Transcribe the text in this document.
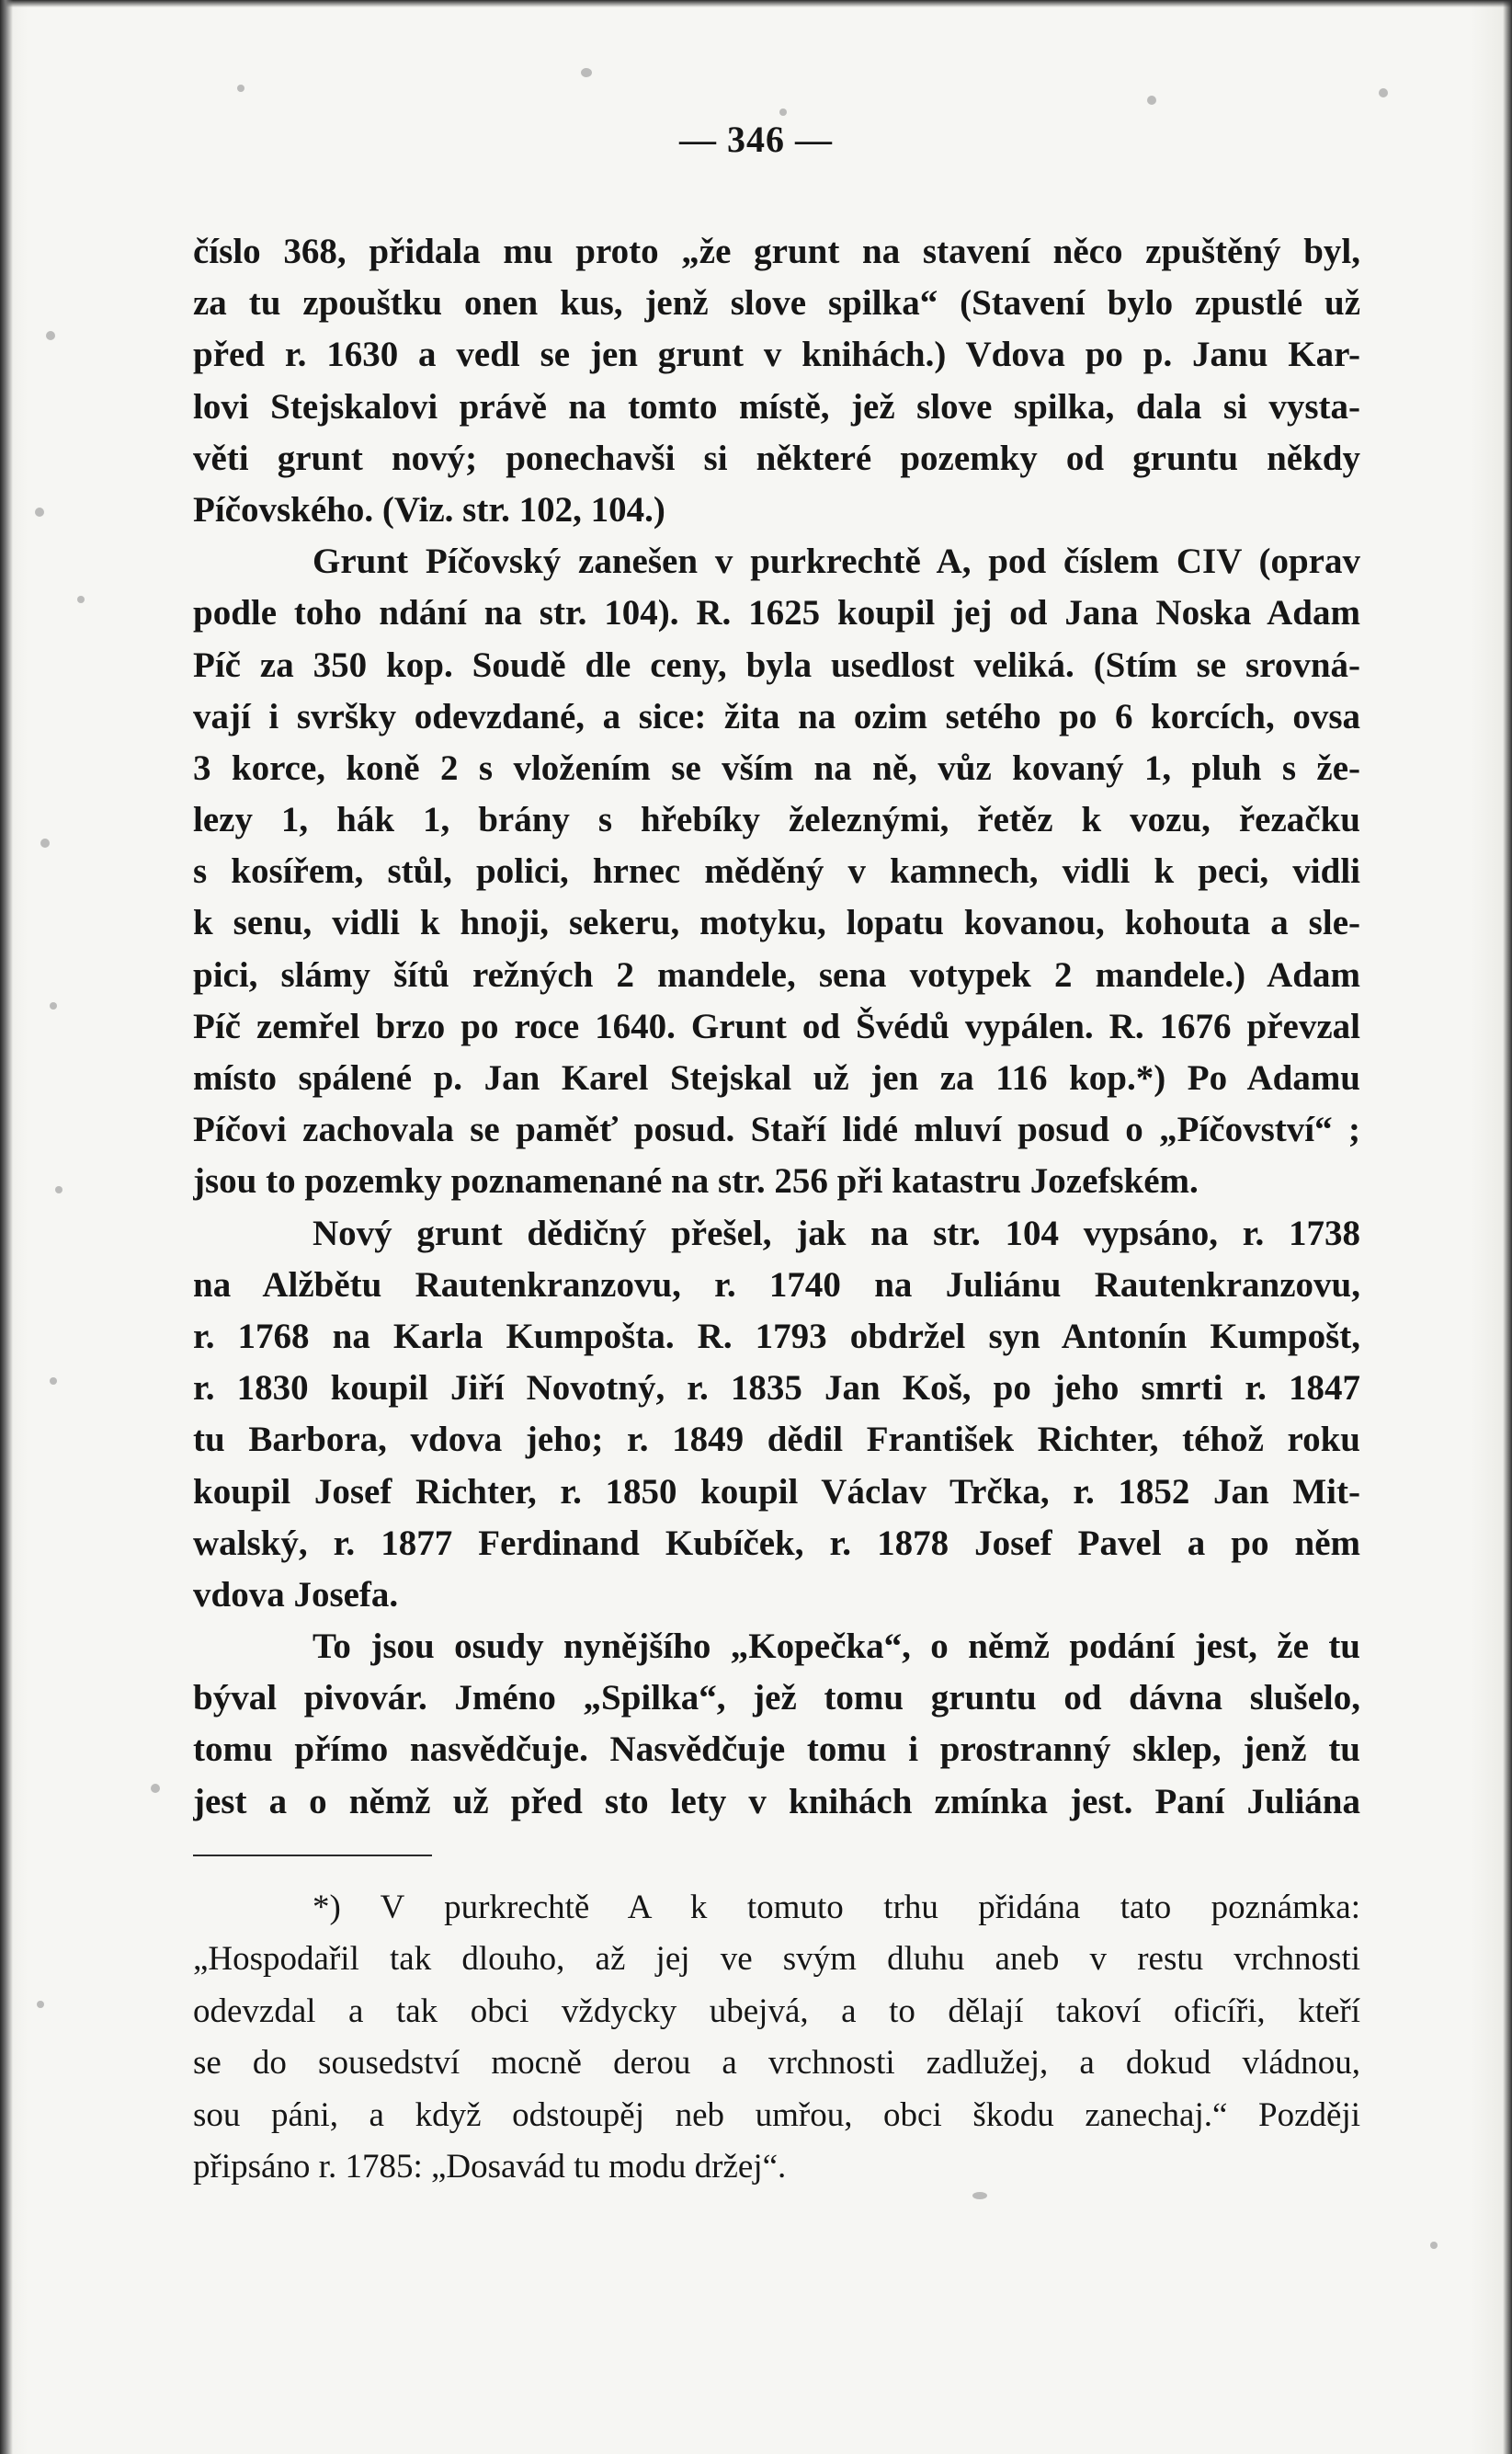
— 346 —
číslo 368, přidala mu proto „že grunt na stavení něco zpuštěný byl,
za tu zpouštku onen kus, jenž slove spilka“ (Stavení bylo zpustlé už
před r. 1630 a vedl se jen grunt v knihách.) Vdova po p. Janu Kar-
lovi Stejskalovi právě na tomto místě, jež slove spilka, dala si vysta-
věti grunt nový; ponechavši si některé pozemky od gruntu někdy
Píčovského. (Viz. str. 102, 104.)
Grunt Píčovský zanešen v purkrechtě A, pod číslem CIV (oprav
podle toho ndání na str. 104). R. 1625 koupil jej od Jana Noska Adam
Píč za 350 kop. Soudě dle ceny, byla usedlost veliká. (Stím se srovná-
vají i svršky odevzdané, a sice: žita na ozim setého po 6 korcích, ovsa
3 korce, koně 2 s vložením se vším na ně, vůz kovaný 1, pluh s že-
lezy 1, hák 1, brány s hřebíky železnými, řetěz k vozu, řezačku
s kosířem, stůl, polici, hrnec měděný v kamnech, vidli k peci, vidli
k senu, vidli k hnoji, sekeru, motyku, lopatu kovanou, kohouta a sle-
pici, slámy šítů režných 2 mandele, sena votypek 2 mandele.) Adam
Píč zemřel brzo po roce 1640. Grunt od Švédů vypálen. R. 1676 převzal
místo spálené p. Jan Karel Stejskal už jen za 116 kop.*) Po Adamu
Píčovi zachovala se paměť posud. Staří lidé mluví posud o „Píčovství“ ;
jsou to pozemky poznamenané na str. 256 při katastru Jozefském.
Nový grunt dědičný přešel, jak na str. 104 vypsáno, r. 1738
na Alžbětu Rautenkranzovu, r. 1740 na Juliánu Rautenkranzovu,
r. 1768 na Karla Kumpošta. R. 1793 obdržel syn Antonín Kumpošt,
r. 1830 koupil Jiří Novotný, r. 1835 Jan Koš, po jeho smrti r. 1847
tu Barbora, vdova jeho; r. 1849 dědil František Richter, téhož roku
koupil Josef Richter, r. 1850 koupil Václav Trčka, r. 1852 Jan Mit-
walský, r. 1877 Ferdinand Kubíček, r. 1878 Josef Pavel a po něm
vdova Josefa.
To jsou osudy nynějšího „Kopečka“, o němž podání jest, že tu
býval pivovár. Jméno „Spilka“, jež tomu gruntu od dávna slušelo,
tomu přímo nasvědčuje. Nasvědčuje tomu i prostranný sklep, jenž tu
jest a o němž už před sto lety v knihách zmínka jest. Paní Juliána
*) V purkrechtě A k tomuto trhu přidána tato poznámka:
„Hospodařil tak dlouho, až jej ve svým dluhu aneb v restu vrchnosti
odevzdal a tak obci vždycky ubejvá, a to dělají takoví oficíři, kteří
se do sousedství mocně derou a vrchnosti zadlužej, a dokud vládnou,
sou páni, a když odstoupěj neb umřou, obci škodu zanechaj.“ Později
připsáno r. 1785: „Dosavád tu modu držej“.
